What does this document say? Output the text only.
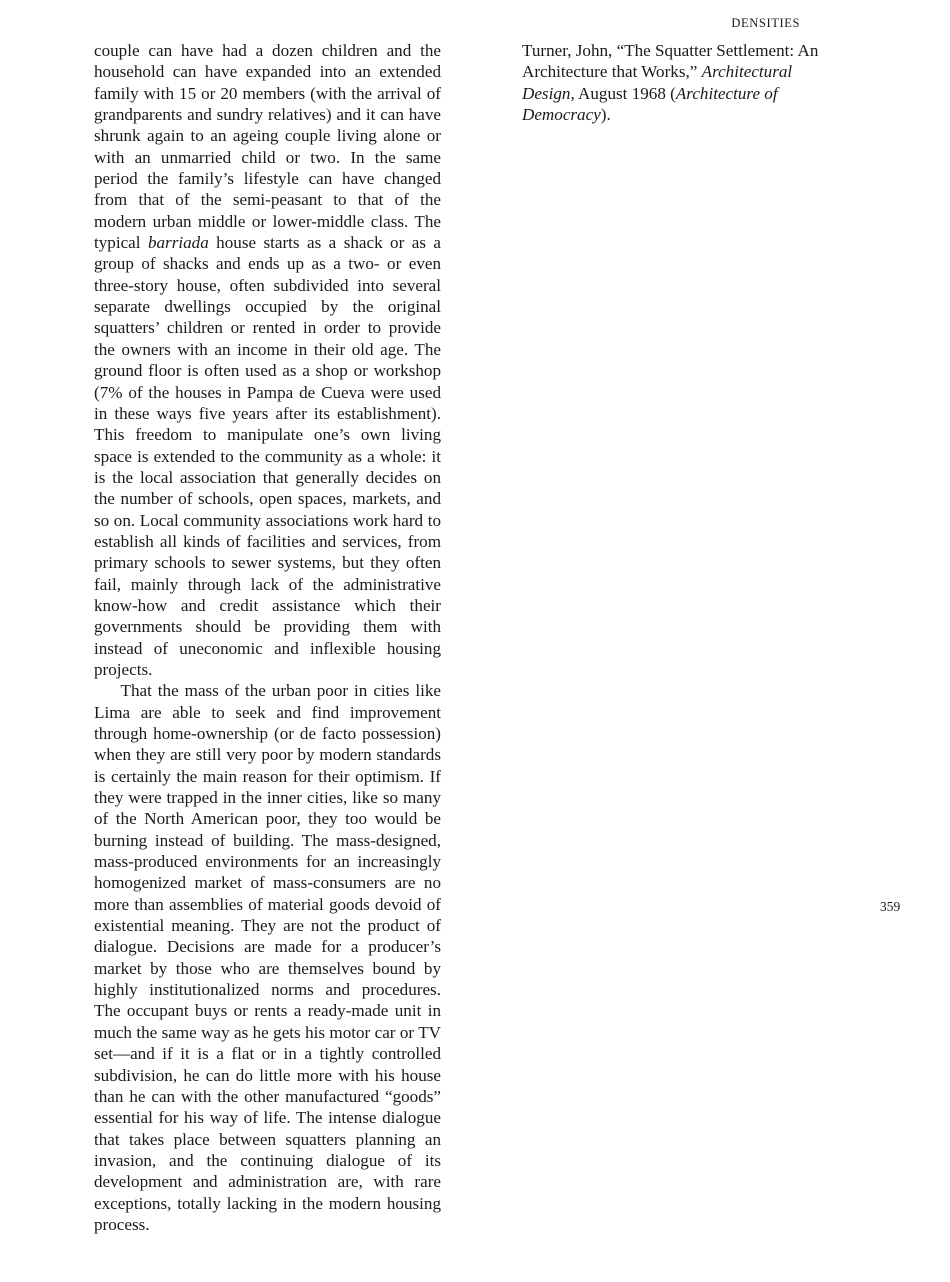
DENSITIES

couple can have had a dozen children and the household can have expanded into an extended family with 15 or 20 members (with the arrival of grandparents and sundry relatives) and it can have shrunk again to an ageing couple living alone or with an unmarried child or two. In the same period the family’s lifestyle can have changed from that of the semi-peasant to that of the modern urban middle or lower-middle class. The typical barriada house starts as a shack or as a group of shacks and ends up as a two- or even three-story house, often subdivided into several separate dwellings occupied by the original squatters’ children or rented in order to provide the owners with an income in their old age. The ground floor is often used as a shop or workshop (7% of the houses in Pampa de Cueva were used in these ways five years after its establishment). This freedom to manipulate one’s own living space is extended to the community as a whole: it is the local association that generally decides on the number of schools, open spaces, markets, and so on. Local community associations work hard to establish all kinds of facilities and services, from primary schools to sewer systems, but they often fail, mainly through lack of the administrative know-how and credit assistance which their governments should be providing them with instead of uneconomic and inflexible housing projects.

That the mass of the urban poor in cities like Lima are able to seek and find improvement through home-ownership (or de facto possession) when they are still very poor by modern standards is certainly the main reason for their optimism. If they were trapped in the inner cities, like so many of the North American poor, they too would be burning instead of building. The mass-designed, mass-produced environments for an increasingly homogenized market of mass-consumers are no more than assemblies of material goods devoid of existential meaning. They are not the product of dialogue. Decisions are made for a producer’s market by those who are themselves bound by highly institutionalized norms and procedures. The occupant buys or rents a ready-made unit in much the same way as he gets his motor car or TV set—and if it is a flat or in a tightly controlled subdivision, he can do little more with his house than he can with the other manufactured “goods” essential for his way of life. The intense dialogue that takes place between squatters planning an invasion, and the continuing dialogue of its development and administration are, with rare exceptions, totally lacking in the modern housing process.

Turner, John, “The Squatter Settlement: An Architecture that Works,” Architectural Design, August 1968 (Architecture of Democracy).

359
